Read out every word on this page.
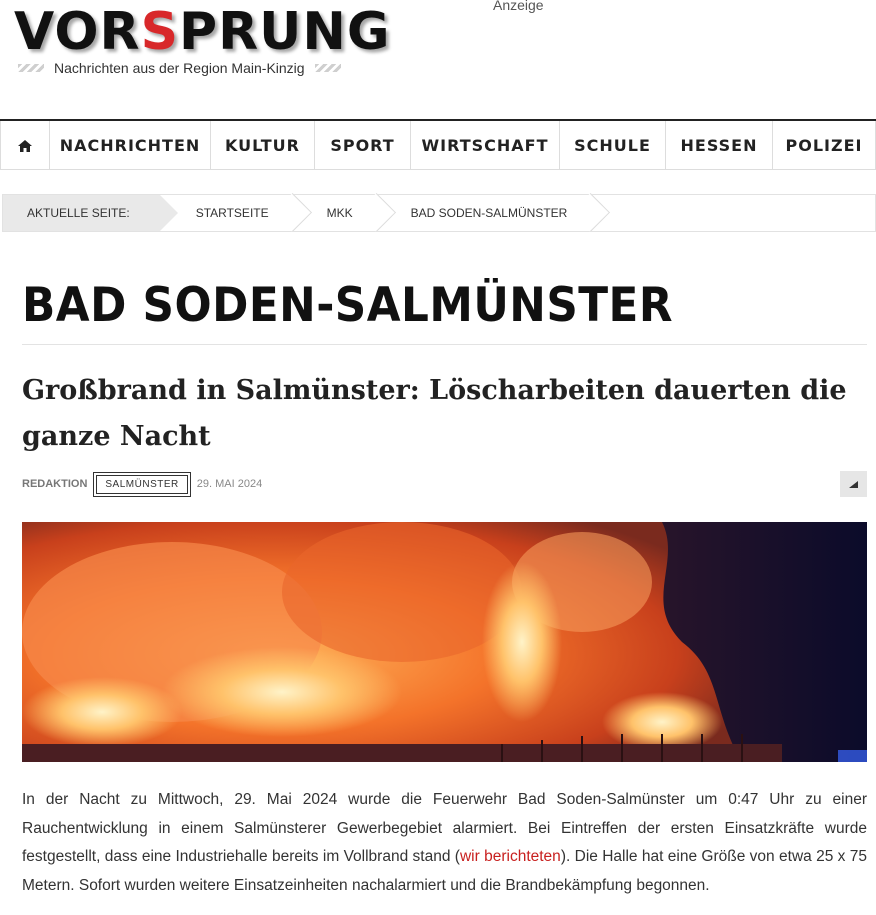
VORSPRUNG
Nachrichten aus der Region Main-Kinzig
Anzeige
NACHRICHTEN	KULTUR	SPORT	WIRTSCHAFT	SCHULE	HESSEN	POLIZEI
AKTUELLE SEITE:	STARTSEITE	MKK	BAD SODEN-SALMÜNSTER
BAD SODEN-SALMÜNSTER
Großbrand in Salmünster: Löscharbeiten dauerten die ganze Nacht
REDAKTION	SALMÜNSTER	29. MAI 2024

In der Nacht zu Mittwoch, 29. Mai 2024 wurde die Feuerwehr Bad Soden-Salmünster um 0:47 Uhr zu einer Rauchentwicklung in einem Salmünsterer Gewerbegebiet alarmiert. Bei Eintreffen der ersten Einsatzkräfte wurde festgestellt, dass eine Industriehalle bereits im Vollbrand stand (wir berichteten). Die Halle hat eine Größe von etwa 25 x 75 Metern. Sofort wurden weitere Einsatzeinheiten nachalarmiert und die Brandbekämpfung begonnen.
